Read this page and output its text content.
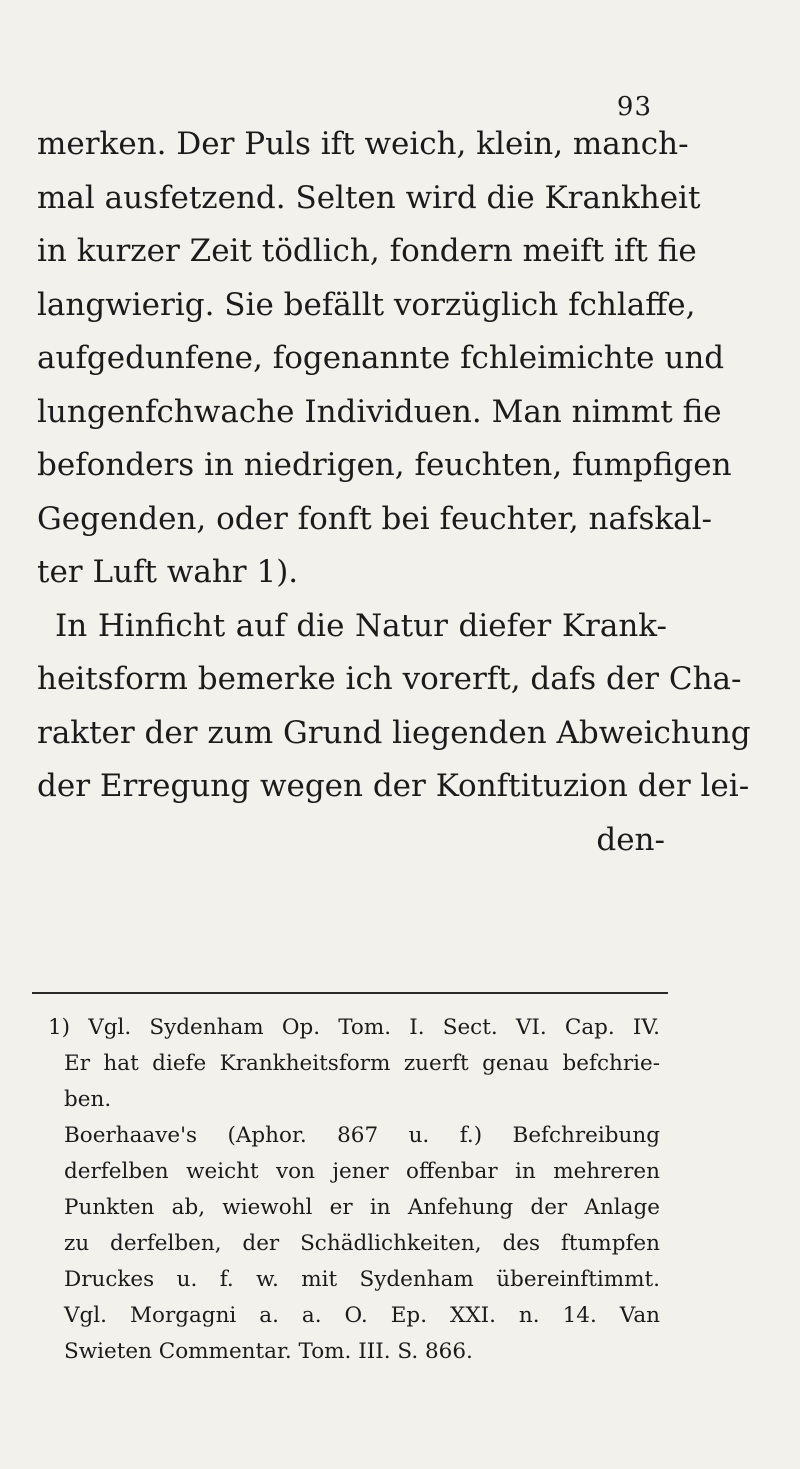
93
merken. Der Puls ift weich, klein, manch-
mal ausfetzend. Selten wird die Krankheit
in kurzer Zeit tödlich, fondern meift ift fie
langwierig. Sie befällt vorzüglich fchlaffe,
aufgedunfene, fogenannte fchleimichte und
lungenfchwache Individuen. Man nimmt fie
befonders in niedrigen, feuchten, fumpfigen
Gegenden, oder fonft bei feuchter, nafskal-
ter Luft wahr 1).
In Hinficht auf die Natur diefer Krank-
heitsform bemerke ich vorerft, dafs der Cha-
rakter der zum Grund liegenden Abweichung
der Erregung wegen der Konftituzion der lei-
den-
1) Vgl. Sydenham Op. Tom. I. Sect. VI. Cap. IV.
Er hat diefe Krankheitsform zuerft genau befchrie-
ben.
Boerhaave's (Aphor. 867 u. f.) Befchreibung
derfelben weicht von jener offenbar in mehreren
Punkten ab, wiewohl er in Anfehung der Anlage
zu derfelben, der Schädlichkeiten, des ftumpfen
Druckes u. f. w. mit Sydenham übereinftimmt.
Vgl. Morgagni a. a. O. Ep. XXI. n. 14. Van
Swieten Commentar. Tom. III. S. 866.
